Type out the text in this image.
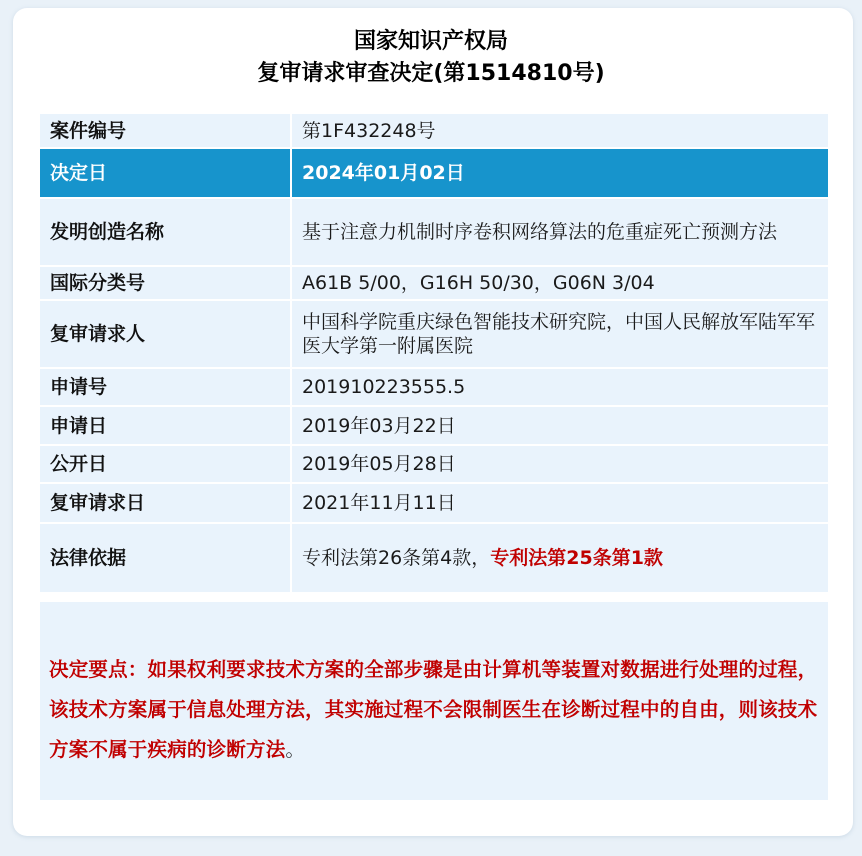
国家知识产权局
复审请求审查决定(第1514810号)
案件编号	第1F432248号
决定日	2024年01月02日
发明创造名称	基于注意力机制时序卷积网络算法的危重症死亡预测方法
国际分类号	A61B 5/00，G16H 50/30，G06N 3/04
复审请求人	中国科学院重庆绿色智能技术研究院，中国人民解放军陆军军医大学第一附属医院
申请号	201910223555.5
申请日	2019年03月22日
公开日	2019年05月28日
复审请求日	2021年11月11日
法律依据	专利法第26条第4款，专利法第25条第1款
决定要点：如果权利要求技术方案的全部步骤是由计算机等装置对数据进行处理的过程，该技术方案属于信息处理方法，其实施过程不会限制医生在诊断过程中的自由，则该技术方案不属于疾病的诊断方法。
